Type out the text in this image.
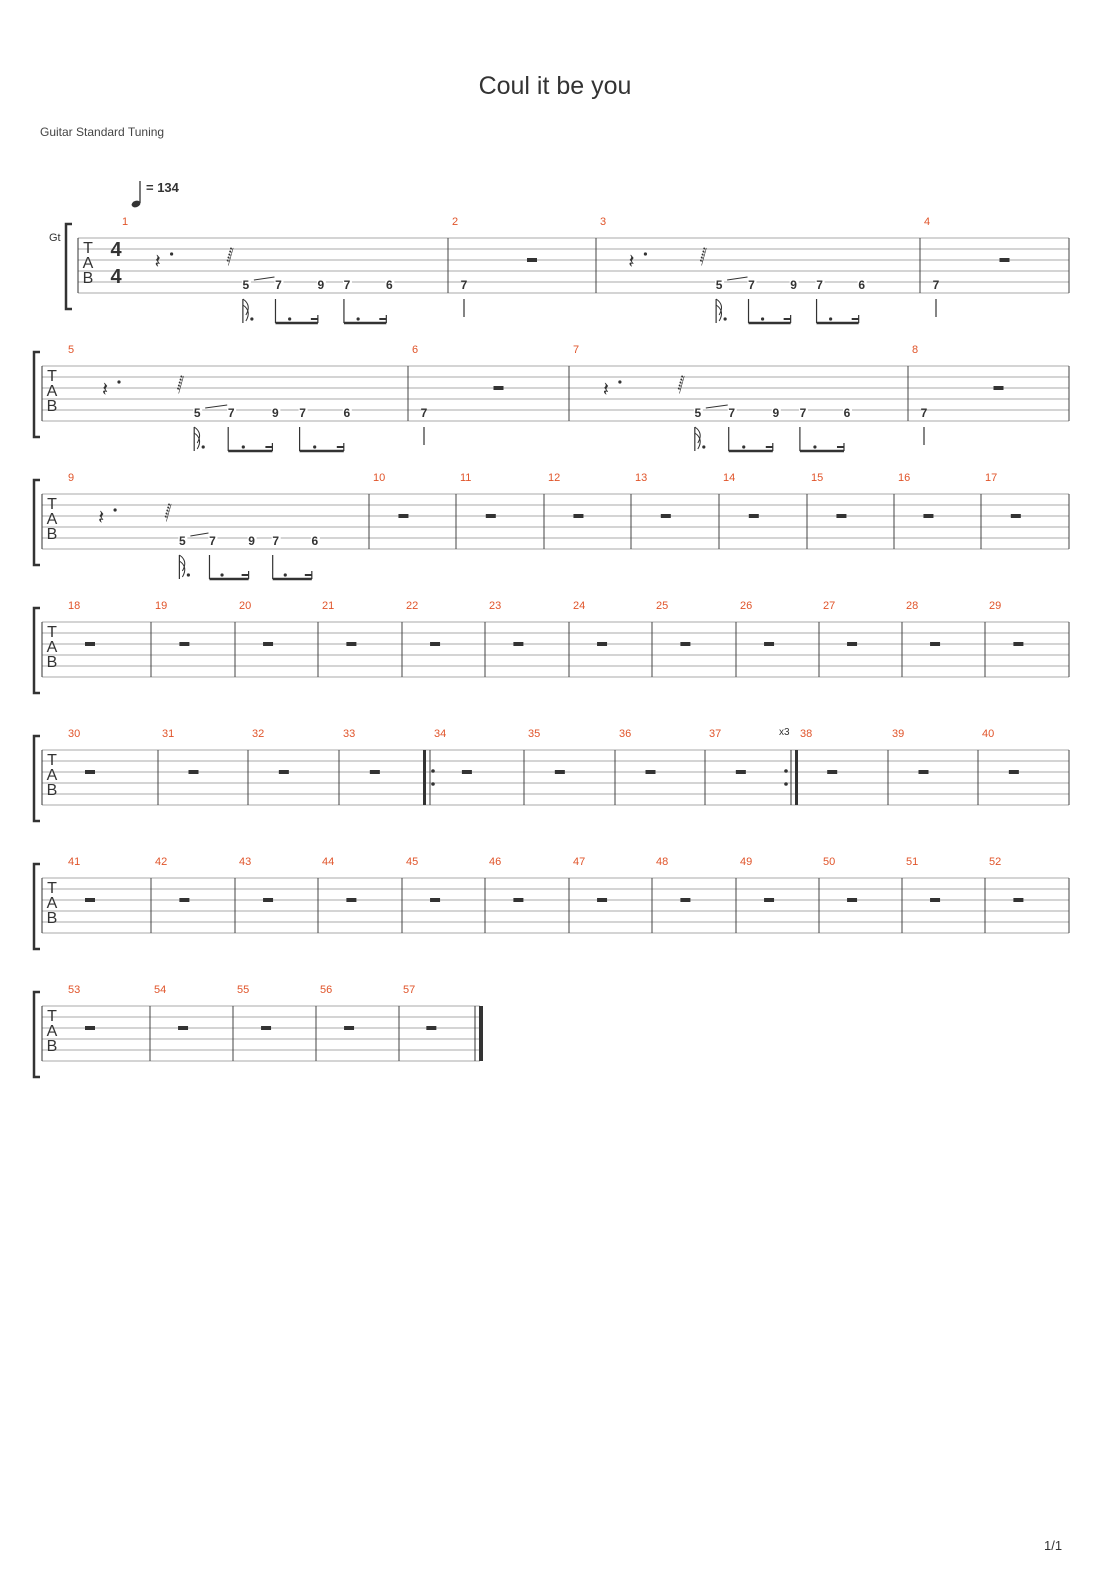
Coul it be you
Guitar Standard Tuning
= 134
T
A
B
Gt
4
4
1
𝄽	𝅂
5 7	9 7	6
2
7
3
𝄽	𝅂
5 7	9 7	6
4
7
T
A
B
5
𝄽	𝅂
5 7	9 7	6
6
7
7
𝄽	𝅂
5 7	9 7	6
8
7
T
A
B
9
𝄽	𝅂
5 7	9 7	6
10	11	12	13	14	15	16	17
T
A
B
18	19	20	21	22	23	24	25	26	27	28	29
T
A
B
30	31	32	33	34	35	36	37	38	39	40
x3
T
A
B
41	42	43	44	45	46	47	48	49	50	51	52
T
A
B
53	54	55	56	57
1/1
